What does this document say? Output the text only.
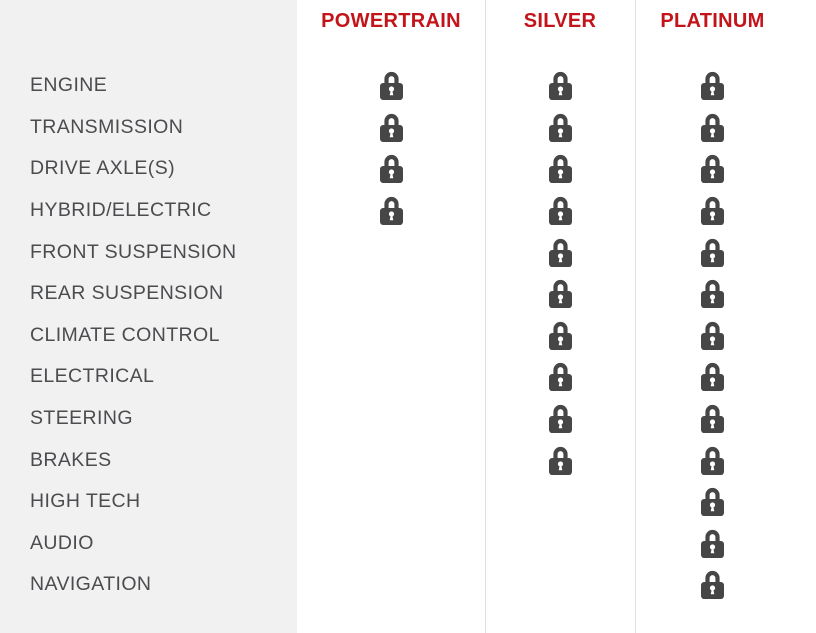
POWERTRAIN	SILVER	PLATINUM
ENGINE
TRANSMISSION
DRIVE AXLE(S)
HYBRID/ELECTRIC
FRONT SUSPENSION
REAR SUSPENSION
CLIMATE CONTROL
ELECTRICAL
STEERING
BRAKES
HIGH TECH
AUDIO
NAVIGATION
